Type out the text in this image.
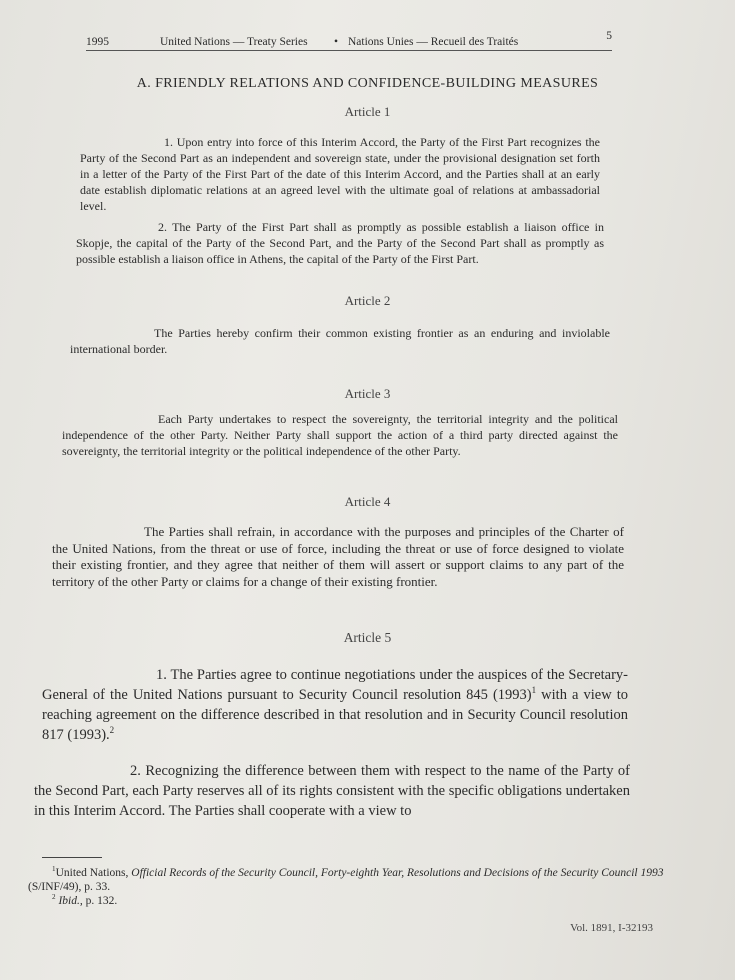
1995	United Nations — Treaty Series • Nations Unies — Recueil des Traités	5
A. FRIENDLY RELATIONS AND CONFIDENCE-BUILDING MEASURES
Article 1
1. Upon entry into force of this Interim Accord, the Party of the First Part recognizes the Party of the Second Part as an independent and sovereign state, under the provisional designation set forth in a letter of the Party of the First Part of the date of this Interim Accord, and the Parties shall at an early date establish diplomatic relations at an agreed level with the ultimate goal of relations at ambassadorial level.
2. The Party of the First Part shall as promptly as possible establish a liaison office in Skopje, the capital of the Party of the Second Part, and the Party of the Second Part shall as promptly as possible establish a liaison office in Athens, the capital of the Party of the First Part.
Article 2
The Parties hereby confirm their common existing frontier as an enduring and inviolable international border.
Article 3
Each Party undertakes to respect the sovereignty, the territorial integrity and the political independence of the other Party. Neither Party shall support the action of a third party directed against the sovereignty, the territorial integrity or the political independence of the other Party.
Article 4
The Parties shall refrain, in accordance with the purposes and principles of the Charter of the United Nations, from the threat or use of force, including the threat or use of force designed to violate their existing frontier, and they agree that neither of them will assert or support claims to any part of the territory of the other Party or claims for a change of their existing frontier.
Article 5
1. The Parties agree to continue negotiations under the auspices of the Secretary-General of the United Nations pursuant to Security Council resolution 845 $(1993)^1$ with a view to reaching agreement on the difference described in that resolution and in Security Council resolution 817 (1993).$^2$
2. Recognizing the difference between them with respect to the name of the Party of the Second Part, each Party reserves all of its rights consistent with the specific obligations undertaken in this Interim Accord. The Parties shall cooperate with a view to
$^1$United Nations, Official Records of the Security Council, Forty-eighth Year, Resolutions and Decisions of the Security Council 1993 (S/INF/49), p. 33.
$^2$ Ibid., p. 132.
Vol. 1891, I-32193
